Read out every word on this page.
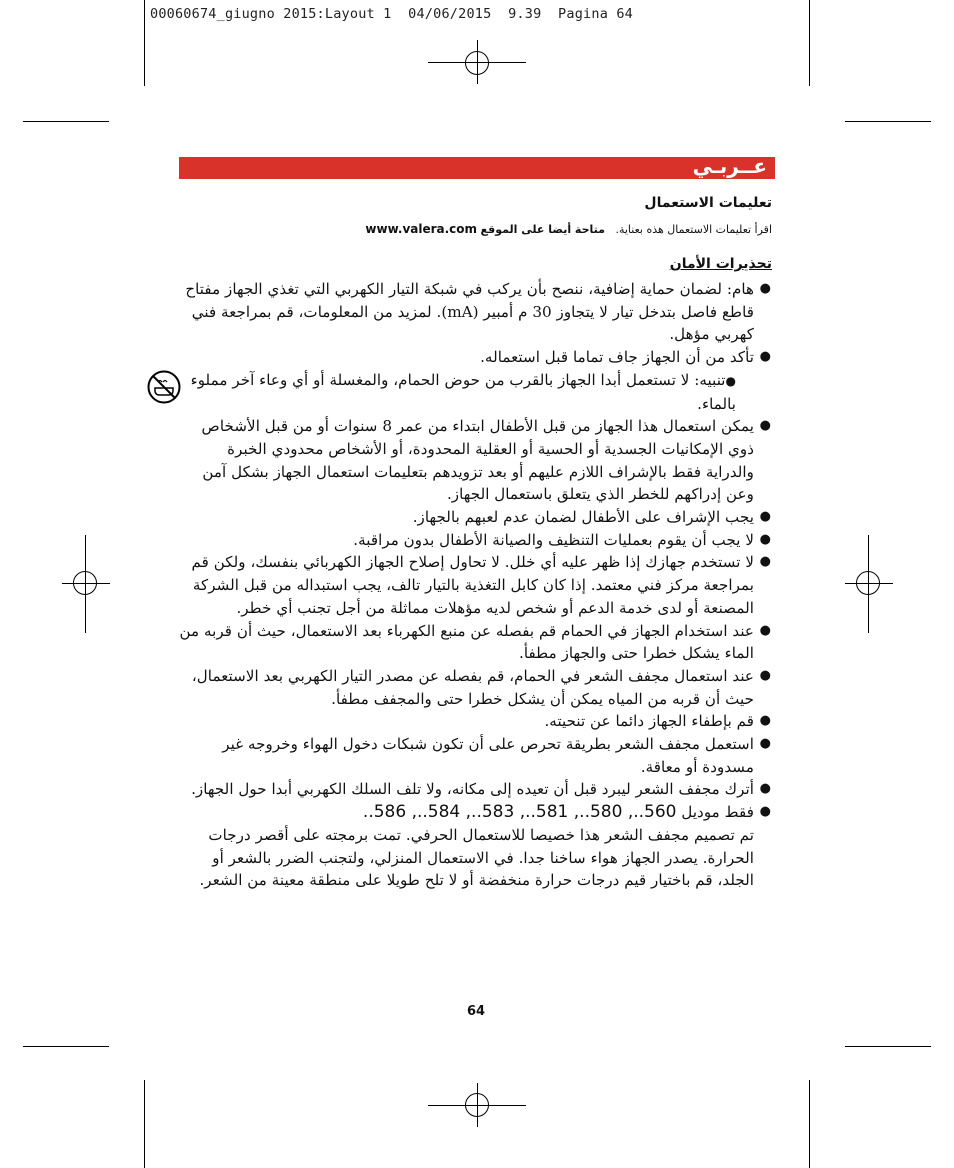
00060674_giugno 2015:Layout 1  04/06/2015  9.39  Pagina 64
عــربـي
تعليمات الاستعمال
اقرأ تعليمات الاستعمال هذه بعناية.   متاحة أيضا على الموقع www.valera.com
تحذيرات الأمان
●
هام: لضمان حماية إضافية، ننصح بأن يركب في شبكة التيار الكهربي التي تغذي الجهاز مفتاح قاطع فاصل بتدخل تيار لا يتجاوز 30 م أمبير (mA). لمزيد من المعلومات، قم بمراجعة فني كهربي مؤهل.
●
تأكد من أن الجهاز جاف تماما قبل استعماله.
●تنبيه: لا تستعمل أبدا الجهاز بالقرب من حوض الحمام، والمغسلة أو أي وعاء آخر مملوء بالماء.
●
يمكن استعمال هذا الجهاز من قبل الأطفال ابتداء من عمر 8 سنوات أو من قبل الأشخاص ذوي الإمكانيات الجسدية أو الحسية أو العقلية المحدودة، أو الأشخاص محدودي الخبرة والدراية فقط بالإشراف اللازم عليهم أو بعد تزويدهم بتعليمات استعمال الجهاز بشكل آمن وعن إدراكهم للخطر الذي يتعلق باستعمال الجهاز.
●
يجب الإشراف على الأطفال لضمان عدم لعبهم بالجهاز.
●
لا يجب أن يقوم بعمليات التنظيف والصيانة الأطفال بدون مراقبة.
●
لا تستخدم جهازك إذا ظهر عليه أي خلل. لا تحاول إصلاح الجهاز الكهربائي بنفسك، ولكن قم بمراجعة مركز فني معتمد. إذا كان كابل التغذية بالتيار تالف، يجب استبداله من قبل الشركة المصنعة أو لدى خدمة الدعم أو شخص لديه مؤهلات مماثلة من أجل تجنب أي خطر.
●
عند استخدام الجهاز في الحمام قم بفصله عن منبع الكهرباء بعد الاستعمال، حيث أن قربه من الماء يشكل خطرا حتى والجهاز مطفأ.
●
عند استعمال مجفف الشعر في الحمام، قم بفصله عن مصدر التيار الكهربي بعد الاستعمال، حيث أن قربه من المياه يمكن أن يشكل خطرا حتى والمجفف مطفأ.
●
قم بإطفاء الجهاز دائما عن تنحيته.
●
استعمل مجفف الشعر بطريقة تحرص على أن تكون شبكات دخول الهواء وخروجه غير مسدودة أو معاقة.
●
أترك مجفف الشعر ليبرد قبل أن تعيده إلى مكانه، ولا تلف السلك الكهربي أبدا حول الجهاز.
●
فقط موديل ..586 ,..584 ,..583 ,..581 ,..580 ,..560
تم تصميم مجفف الشعر هذا خصيصا للاستعمال الحرفي. تمت برمجته على أقصر درجات الحرارة. يصدر الجهاز هواء ساخنا جدا. في الاستعمال المنزلي، ولتجنب الضرر بالشعر أو الجلد، قم باختيار قيم درجات حرارة منخفضة أو لا تلح طويلا على منطقة معينة من الشعر.
64
